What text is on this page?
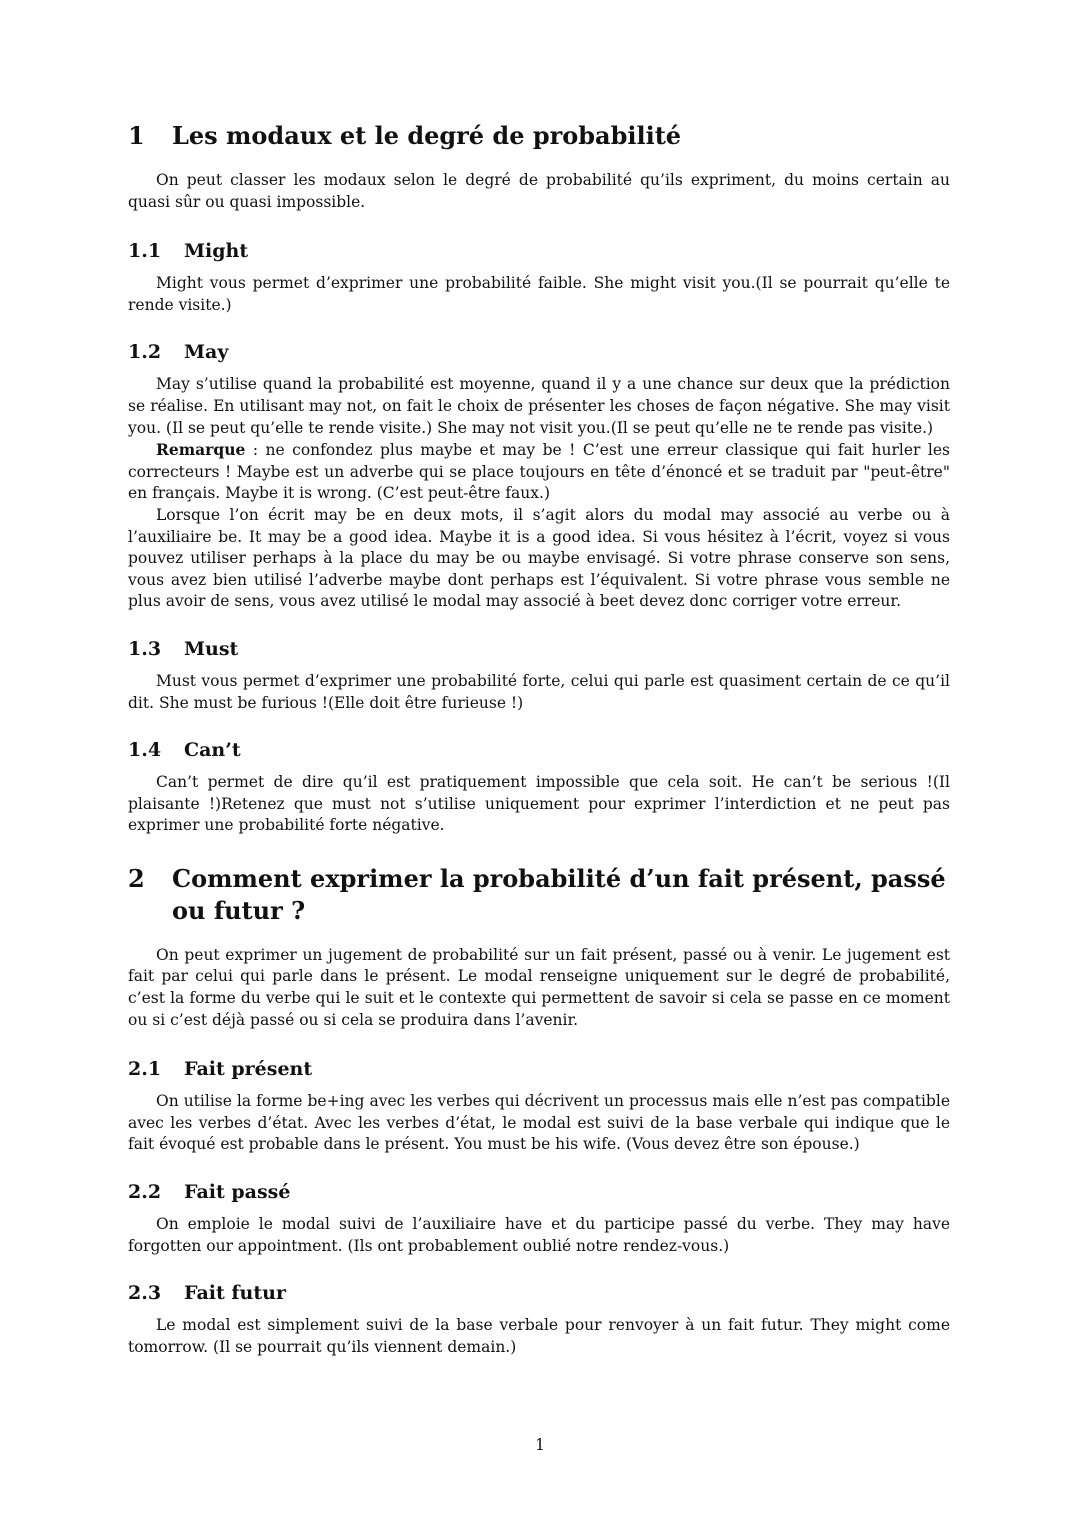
1	Les modaux et le degré de probabilité

On peut classer les modaux selon le degré de probabilité qu’ils expriment, du moins certain au quasi sûr ou quasi impossible.

1.1	Might

Might vous permet d’exprimer une probabilité faible. She might visit you.(Il se pourrait qu’elle te rende visite.)

1.2	May

May s’utilise quand la probabilité est moyenne, quand il y a une chance sur deux que la prédiction se réalise. En utilisant may not, on fait le choix de présenter les choses de façon négative. She may visit you. (Il se peut qu’elle te rende visite.) She may not visit you.(Il se peut qu’elle ne te rende pas visite.)

Remarque : ne confondez plus maybe et may be ! C’est une erreur classique qui fait hurler les correcteurs ! Maybe est un adverbe qui se place toujours en tête d’énoncé et se traduit par "peut-être" en français. Maybe it is wrong. (C’est peut-être faux.)

Lorsque l’on écrit may be en deux mots, il s’agit alors du modal may associé au verbe ou à l’auxiliaire be. It may be a good idea. Maybe it is a good idea. Si vous hésitez à l’écrit, voyez si vous pouvez utiliser perhaps à la place du may be ou maybe envisagé. Si votre phrase conserve son sens, vous avez bien utilisé l’adverbe maybe dont perhaps est l’équivalent. Si votre phrase vous semble ne plus avoir de sens, vous avez utilisé le modal may associé à beet devez donc corriger votre erreur.

1.3	Must

Must vous permet d’exprimer une probabilité forte, celui qui parle est quasiment certain de ce qu’il dit. She must be furious !(Elle doit être furieuse !)

1.4	Can’t

Can’t permet de dire qu’il est pratiquement impossible que cela soit. He can’t be serious !(Il plaisante !)Retenez que must not s’utilise uniquement pour exprimer l’interdiction et ne peut pas exprimer une probabilité forte négative.

2	Comment exprimer la probabilité d’un fait présent, passé ou futur ?

On peut exprimer un jugement de probabilité sur un fait présent, passé ou à venir. Le jugement est fait par celui qui parle dans le présent. Le modal renseigne uniquement sur le degré de probabilité, c’est la forme du verbe qui le suit et le contexte qui permettent de savoir si cela se passe en ce moment ou si c’est déjà passé ou si cela se produira dans l’avenir.

2.1	Fait présent

On utilise la forme be+ing avec les verbes qui décrivent un processus mais elle n’est pas compatible avec les verbes d’état. Avec les verbes d’état, le modal est suivi de la base verbale qui indique que le fait évoqué est probable dans le présent. You must be his wife. (Vous devez être son épouse.)

2.2	Fait passé

On emploie le modal suivi de l’auxiliaire have et du participe passé du verbe. They may have forgotten our appointment. (Ils ont probablement oublié notre rendez-vous.)

2.3	Fait futur

Le modal est simplement suivi de la base verbale pour renvoyer à un fait futur. They might come tomorrow. (Il se pourrait qu’ils viennent demain.)

1
